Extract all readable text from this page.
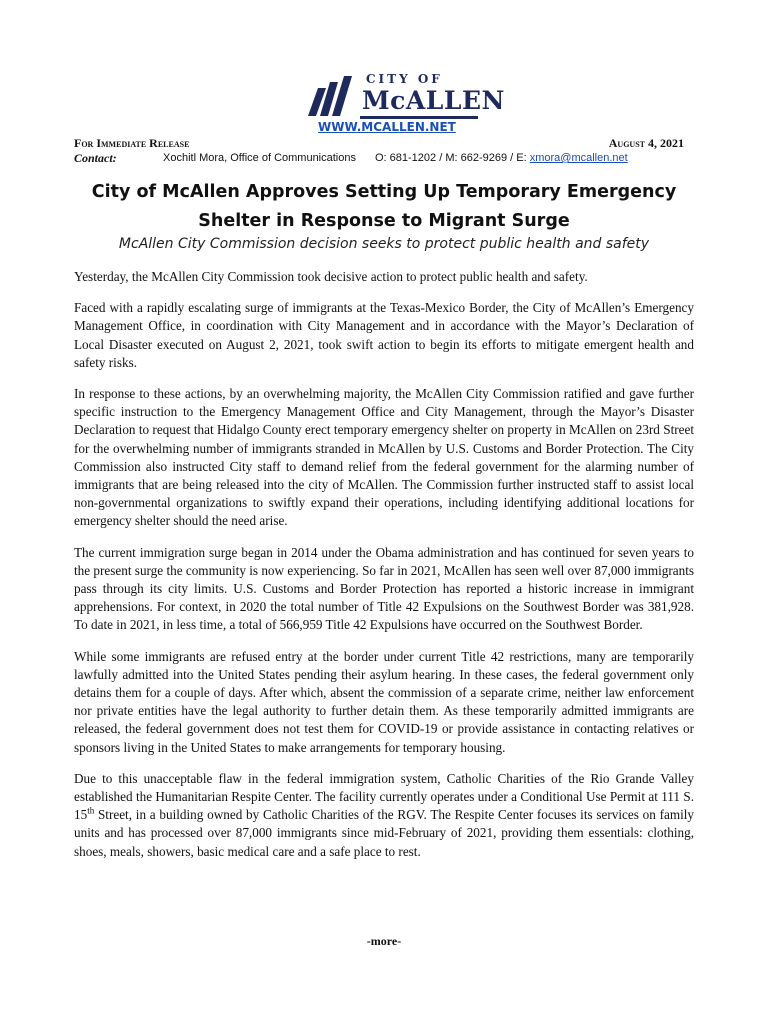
CITY OF
McALLEN
WWW.MCALLEN.NET
For Immediate Release	August 4, 2021
Contact:	Xochitl Mora, Office of Communications O: 681-1202 / M: 662-9269 / E: xmora@mcallen.net
City of McAllen Approves Setting Up Temporary Emergency
Shelter in Response to Migrant Surge
McAllen City Commission decision seeks to protect public health and safety

Yesterday, the McAllen City Commission took decisive action to protect public health and safety.

Faced with a rapidly escalating surge of immigrants at the Texas-Mexico Border, the City of McAllen’s Emergency Management Office, in coordination with City Management and in accordance with the Mayor’s Declaration of Local Disaster executed on August 2, 2021, took swift action to begin its efforts to mitigate emergent health and safety risks.

In response to these actions, by an overwhelming majority, the McAllen City Commission ratified and gave further specific instruction to the Emergency Management Office and City Management, through the Mayor’s Disaster Declaration to request that Hidalgo County erect temporary emergency shelter on property in McAllen on 23rd Street for the overwhelming number of immigrants stranded in McAllen by U.S. Customs and Border Protection. The City Commission also instructed City staff to demand relief from the federal government for the alarming number of immigrants that are being released into the city of McAllen. The Commission further instructed staff to assist local non-governmental organizations to swiftly expand their operations, including identifying additional locations for emergency shelter should the need arise.

The current immigration surge began in 2014 under the Obama administration and has continued for seven years to the present surge the community is now experiencing. So far in 2021, McAllen has seen well over 87,000 immigrants pass through its city limits. U.S. Customs and Border Protection has reported a historic increase in immigrant apprehensions. For context, in 2020 the total number of Title 42 Expulsions on the Southwest Border was 381,928. To date in 2021, in less time, a total of 566,959 Title 42 Expulsions have occurred on the Southwest Border.

While some immigrants are refused entry at the border under current Title 42 restrictions, many are temporarily lawfully admitted into the United States pending their asylum hearing. In these cases, the federal government only detains them for a couple of days. After which, absent the commission of a separate crime, neither law enforcement nor private entities have the legal authority to further detain them. As these temporarily admitted immigrants are released, the federal government does not test them for COVID-19 or provide assistance in contacting relatives or sponsors living in the United States to make arrangements for temporary housing.

Due to this unacceptable flaw in the federal immigration system, Catholic Charities of the Rio Grande Valley established the Humanitarian Respite Center. The facility currently operates under a Conditional Use Permit at 111 S. 15th Street, in a building owned by Catholic Charities of the RGV. The Respite Center focuses its services on family units and has processed over 87,000 immigrants since mid-February of 2021, providing them essentials: clothing, shoes, meals, showers, basic medical care and a safe place to rest.

-more-
